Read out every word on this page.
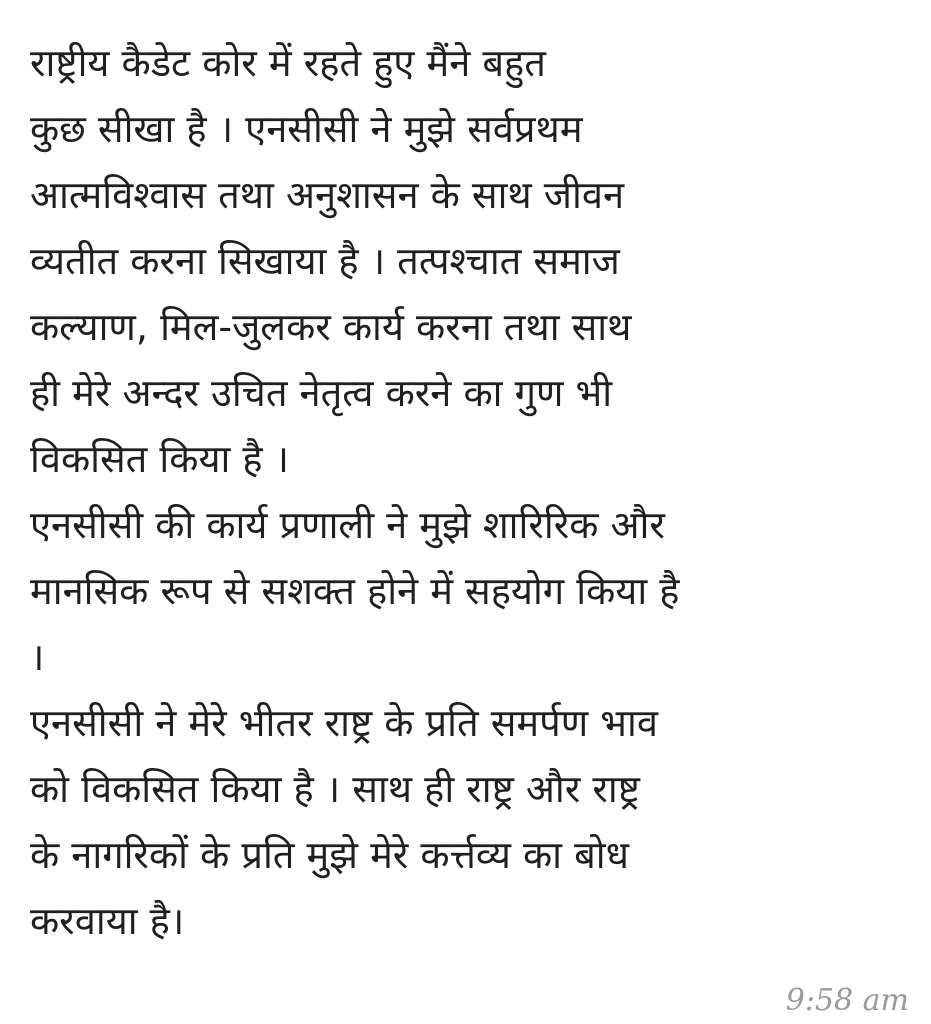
राष्ट्रीय कैडेट कोर में रहते हुए मैंने बहुत
कुछ सीखा है । एनसीसी ने मुझे सर्वप्रथम
आत्मविश्वास तथा अनुशासन के साथ जीवन
व्यतीत करना सिखाया है । तत्पश्चात समाज
कल्याण, मिल-जुलकर कार्य करना तथा साथ
ही मेरे अन्दर उचित नेतृत्व करने का गुण भी
विकसित किया है ।
एनसीसी की कार्य प्रणाली ने मुझे शारिरिक और
मानसिक रूप से सशक्त होने में सहयोग किया है
।
एनसीसी ने मेरे भीतर राष्ट्र के प्रति समर्पण भाव
को विकसित किया है । साथ ही राष्ट्र और राष्ट्र
के नागरिकों के प्रति मुझे मेरे कर्त्तव्य का बोध
करवाया है।

9:58 am
